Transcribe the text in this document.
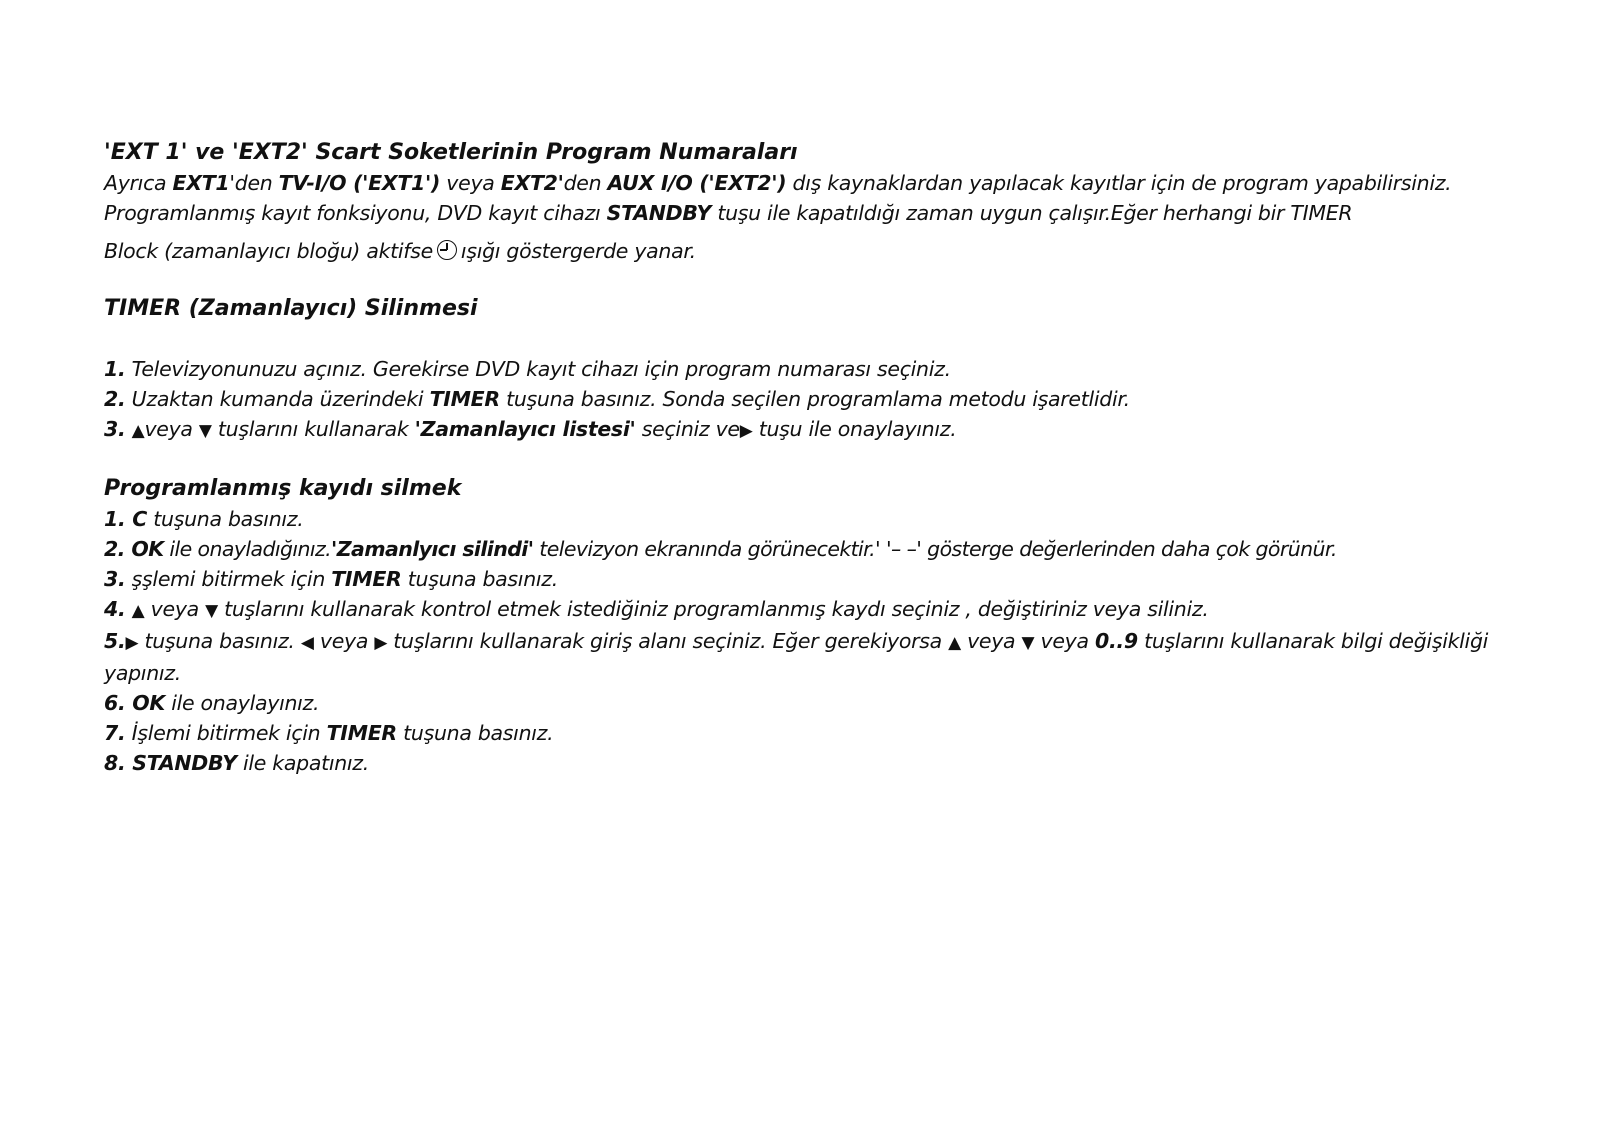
'EXT 1' ve 'EXT2' Scart Soketlerinin Program Numaraları

Ayrıca EXT1'den TV-I/O ('EXT1') veya EXT2'den AUX I/O ('EXT2') dış kaynaklardan yapılacak kayıtlar için de program yapabilirsiniz.

Programlanmış kayıt fonksiyonu, DVD kayıt cihazı STANDBY tuşu ile kapatıldığı zaman uygun çalışır.Eğer herhangi bir TIMER

Block (zamanlayıcı bloğu) aktifse ışığı göstergerde yanar.

TIMER (Zamanlayıcı) Silinmesi

1. Televizyonunuzu açınız. Gerekirse DVD kayıt cihazı için program numarası seçiniz.

2. Uzaktan kumanda üzerindeki TIMER tuşuna basınız. Sonda seçilen programlama metodu işaretlidir.

3. ▲veya ▼ tuşlarını kullanarak 'Zamanlayıcı listesi' seçiniz ve▶ tuşu ile onaylayınız.

Programlanmış kayıdı silmek

1. C tuşuna basınız.

2. OK ile onayladığınız.'Zamanlyıcı silindi' televizyon ekranında görünecektir.' '– –' gösterge değerlerinden daha çok görünür.

3. şşlemi bitirmek için TIMER tuşuna basınız.

4. ▲ veya ▼ tuşlarını kullanarak kontrol etmek istediğiniz programlanmış kaydı seçiniz , değiştiriniz veya siliniz.

5.▶ tuşuna basınız. ◀ veya ▶ tuşlarını kullanarak giriş alanı seçiniz. Eğer gerekiyorsa ▲ veya ▼ veya 0..9 tuşlarını kullanarak bilgi değişikliği yapınız.

6. OK ile onaylayınız.

7. İşlemi bitirmek için TIMER tuşuna basınız.

8. STANDBY ile kapatınız.
